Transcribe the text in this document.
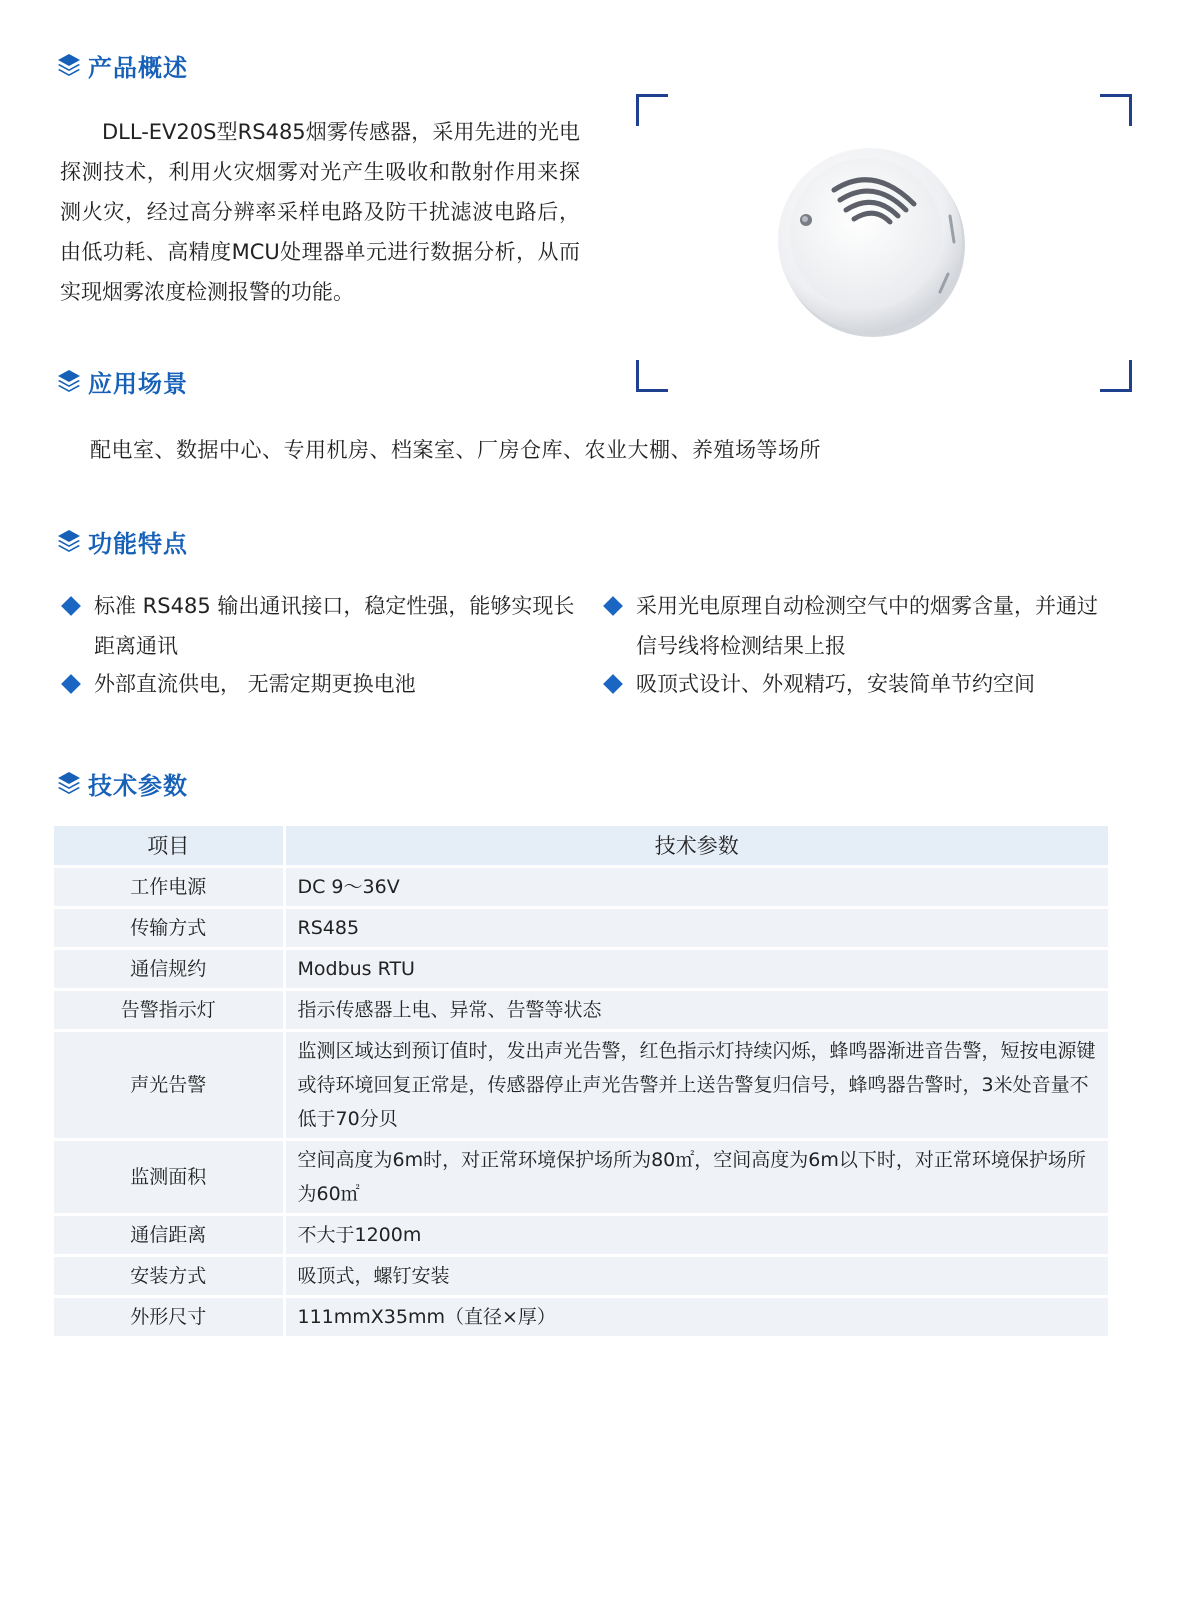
产品概述

DLL-EV20S型RS485烟雾传感器，采用先进的光电探测技术，利用火灾烟雾对光产生吸收和散射作用来探测火灾，经过高分辨率采样电路及防干扰滤波电路后，由低功耗、高精度MCU处理器单元进行数据分析，从而实现烟雾浓度检测报警的功能。

应用场景

配电室、数据中心、专用机房、档案室、厂房仓库、农业大棚、养殖场等场所

功能特点
标准 RS485 输出通讯接口，稳定性强，能够实现长距离通讯
采用光电原理自动检测空气中的烟雾含量，并通过信号线将检测结果上报
外部直流供电， 无需定期更换电池	吸顶式设计、外观精巧，安装简单节约空间
技术参数
项目	技术参数
工作电源	DC 9～36V
传输方式	RS485
通信规约	Modbus RTU
告警指示灯	指示传感器上电、异常、告警等状态
声光告警	监测区域达到预订值时，发出声光告警，红色指示灯持续闪烁，蜂鸣器渐进音告警，短按电源键或待环境回复正常是，传感器停止声光告警并上送告警复归信号，蜂鸣器告警时，3米处音量不低于70分贝
监测面积	空间高度为6m时，对正常环境保护场所为80㎡，空间高度为6m以下时，对正常环境保护场所为60㎡
通信距离	不大于1200m
安装方式	吸顶式，螺钉安装
外形尺寸	111mmX35mm（直径×厚）
